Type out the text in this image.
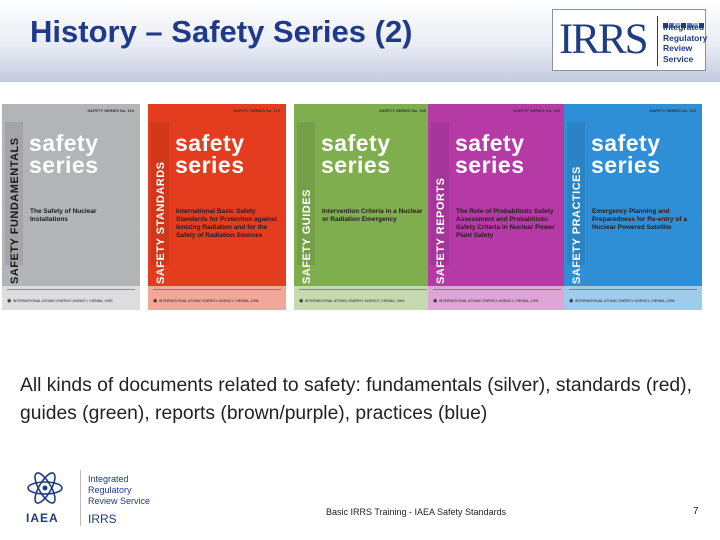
History – Safety Series (2)	IRRS Integrated
Regulatory
Review
Service
SAFETY SERIES No. 110
SAFETY FUNDAMENTALS safety
series
The Safety of Nuclear Installations
◉ INTERNATIONAL ATOMIC ENERGY AGENCY, VIENNA, 1993
SAFETY SERIES No. 115
SAFETY STANDARDS
safety
series
International Basic Safety Standards for Protection against Ionizing Radiation and for the Safety of Radiation Sources
◉ INTERNATIONAL ATOMIC ENERGY AGENCY, VIENNA, 1996
SAFETY SERIES No. 109
SAFETY GUIDES
safety
series
Intervention Criteria in a Nuclear or Radiation Emergency
◉ INTERNATIONAL ATOMIC ENERGY AGENCY, VIENNA, 1994
SAFETY SERIES No. 106
SAFETY REPORTS
safety
series
The Role of Probabilistic Safety Assessment and Probabilistic Safety Criteria in Nuclear Power Plant Safety
◉ INTERNATIONAL ATOMIC ENERGY AGENCY, VIENNA, 1992
SAFETY SERIES No. 119
SAFETY PRACTICES
safety
series
Emergency Planning and Preparedness for Re-entry of a Nuclear Powered Satellite
◉ INTERNATIONAL ATOMIC ENERGY AGENCY, VIENNA, 1996
All kinds of documents related to safety: fundamentals (silver), standards (red), guides (green), reports (brown/purple), practices (blue)
IAEA
Integrated
Regulatory
Review Service
IRRS	Basic IRRS Training - IAEA Safety Standards	7
